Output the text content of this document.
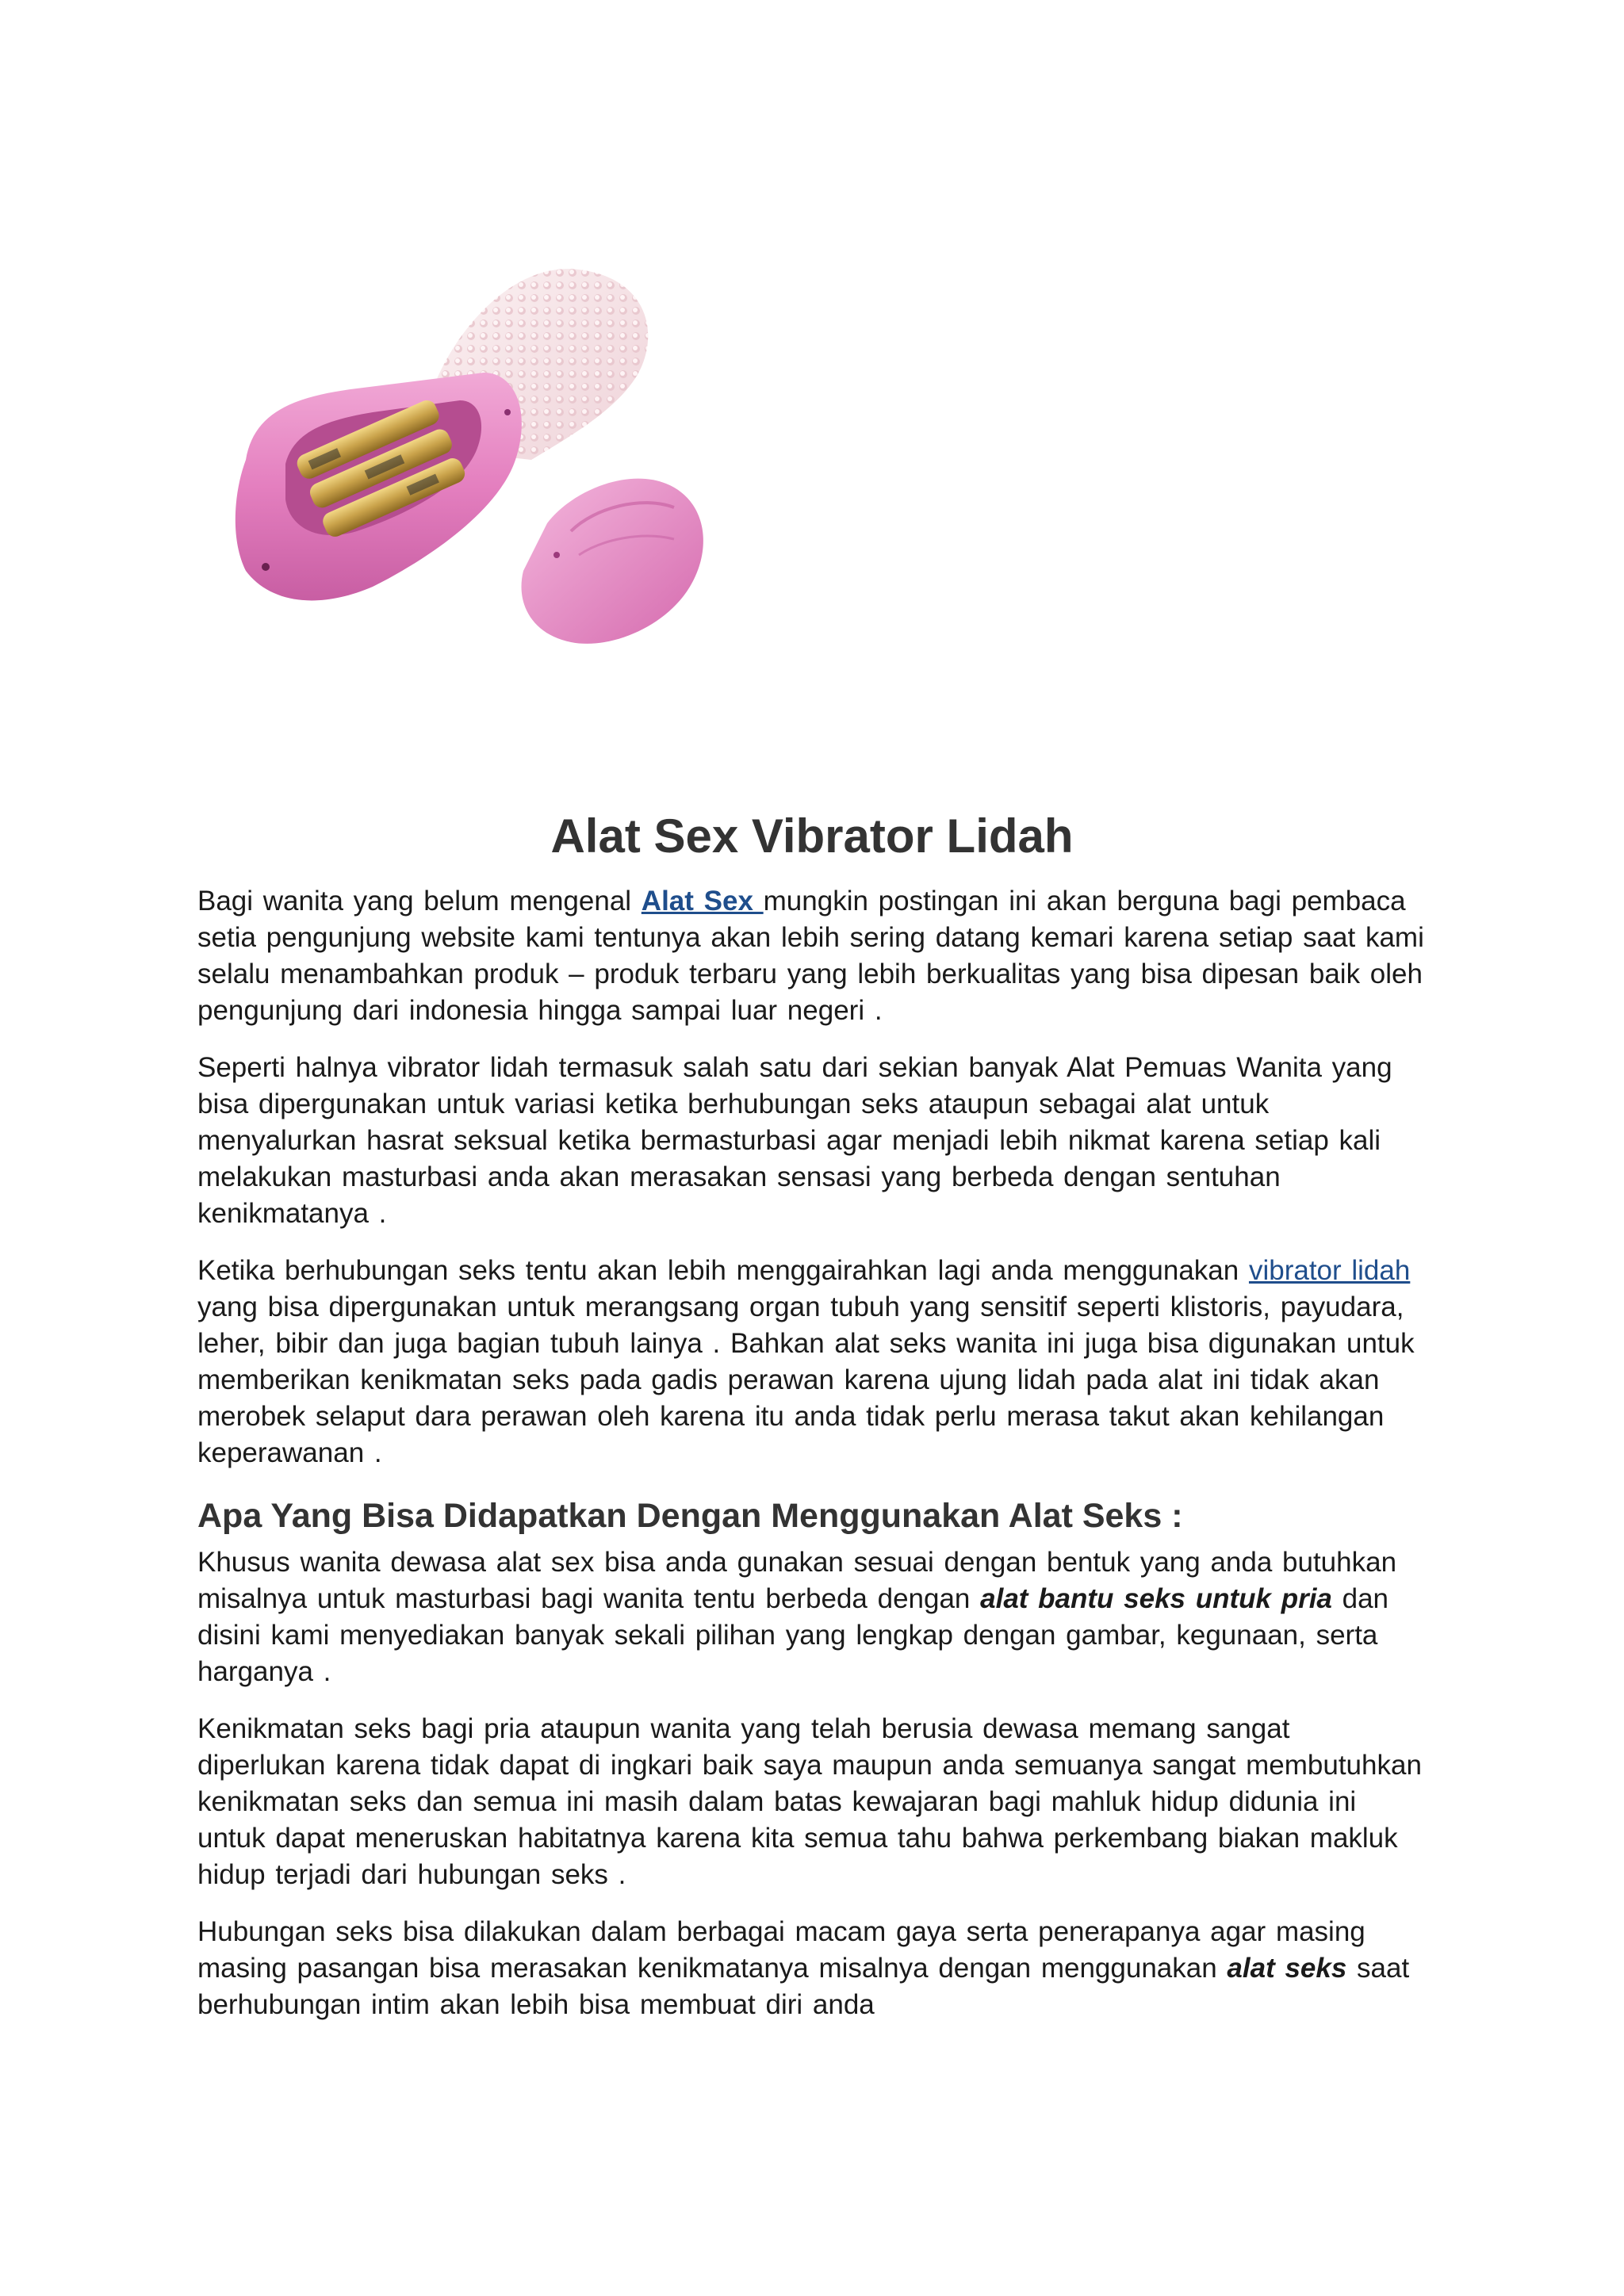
Alat Sex Vibrator Lidah

Bagi wanita yang belum mengenal Alat Sex mungkin postingan ini akan berguna bagi pembaca setia pengunjung website kami tentunya akan lebih sering datang kemari karena setiap saat kami selalu menambahkan produk – produk terbaru yang lebih berkualitas yang bisa dipesan baik oleh pengunjung dari indonesia hingga sampai luar negeri .

Seperti halnya vibrator lidah termasuk salah satu dari sekian banyak Alat Pemuas Wanita yang bisa dipergunakan untuk variasi ketika berhubungan seks ataupun sebagai alat untuk menyalurkan hasrat seksual ketika bermasturbasi agar menjadi lebih nikmat karena setiap kali melakukan masturbasi anda akan merasakan sensasi yang berbeda dengan sentuhan kenikmatanya .

Ketika berhubungan seks tentu akan lebih menggairahkan lagi anda menggunakan vibrator lidah yang bisa dipergunakan untuk merangsang organ tubuh yang sensitif seperti klistoris, payudara, leher, bibir dan juga bagian tubuh lainya . Bahkan alat seks wanita ini juga bisa digunakan untuk memberikan kenikmatan seks pada gadis perawan karena ujung lidah pada alat ini tidak akan merobek selaput dara perawan oleh karena itu anda tidak perlu merasa takut akan kehilangan keperawanan .

Apa Yang Bisa Didapatkan Dengan Menggunakan Alat Seks :

Khusus wanita dewasa alat sex bisa anda gunakan sesuai dengan bentuk yang anda butuhkan misalnya untuk masturbasi bagi wanita tentu berbeda dengan alat bantu seks untuk pria dan disini kami menyediakan banyak sekali pilihan yang lengkap dengan gambar, kegunaan, serta harganya .

Kenikmatan seks bagi pria ataupun wanita yang telah berusia dewasa memang sangat diperlukan karena tidak dapat di ingkari baik saya maupun anda semuanya sangat membutuhkan kenikmatan seks dan semua ini masih dalam batas kewajaran bagi mahluk hidup didunia ini untuk dapat meneruskan habitatnya karena kita semua tahu bahwa perkembang biakan makluk hidup terjadi dari hubungan seks .

Hubungan seks bisa dilakukan dalam berbagai macam gaya serta penerapanya agar masing masing pasangan bisa merasakan kenikmatanya misalnya dengan menggunakan alat seks saat berhubungan intim akan lebih bisa membuat diri anda
